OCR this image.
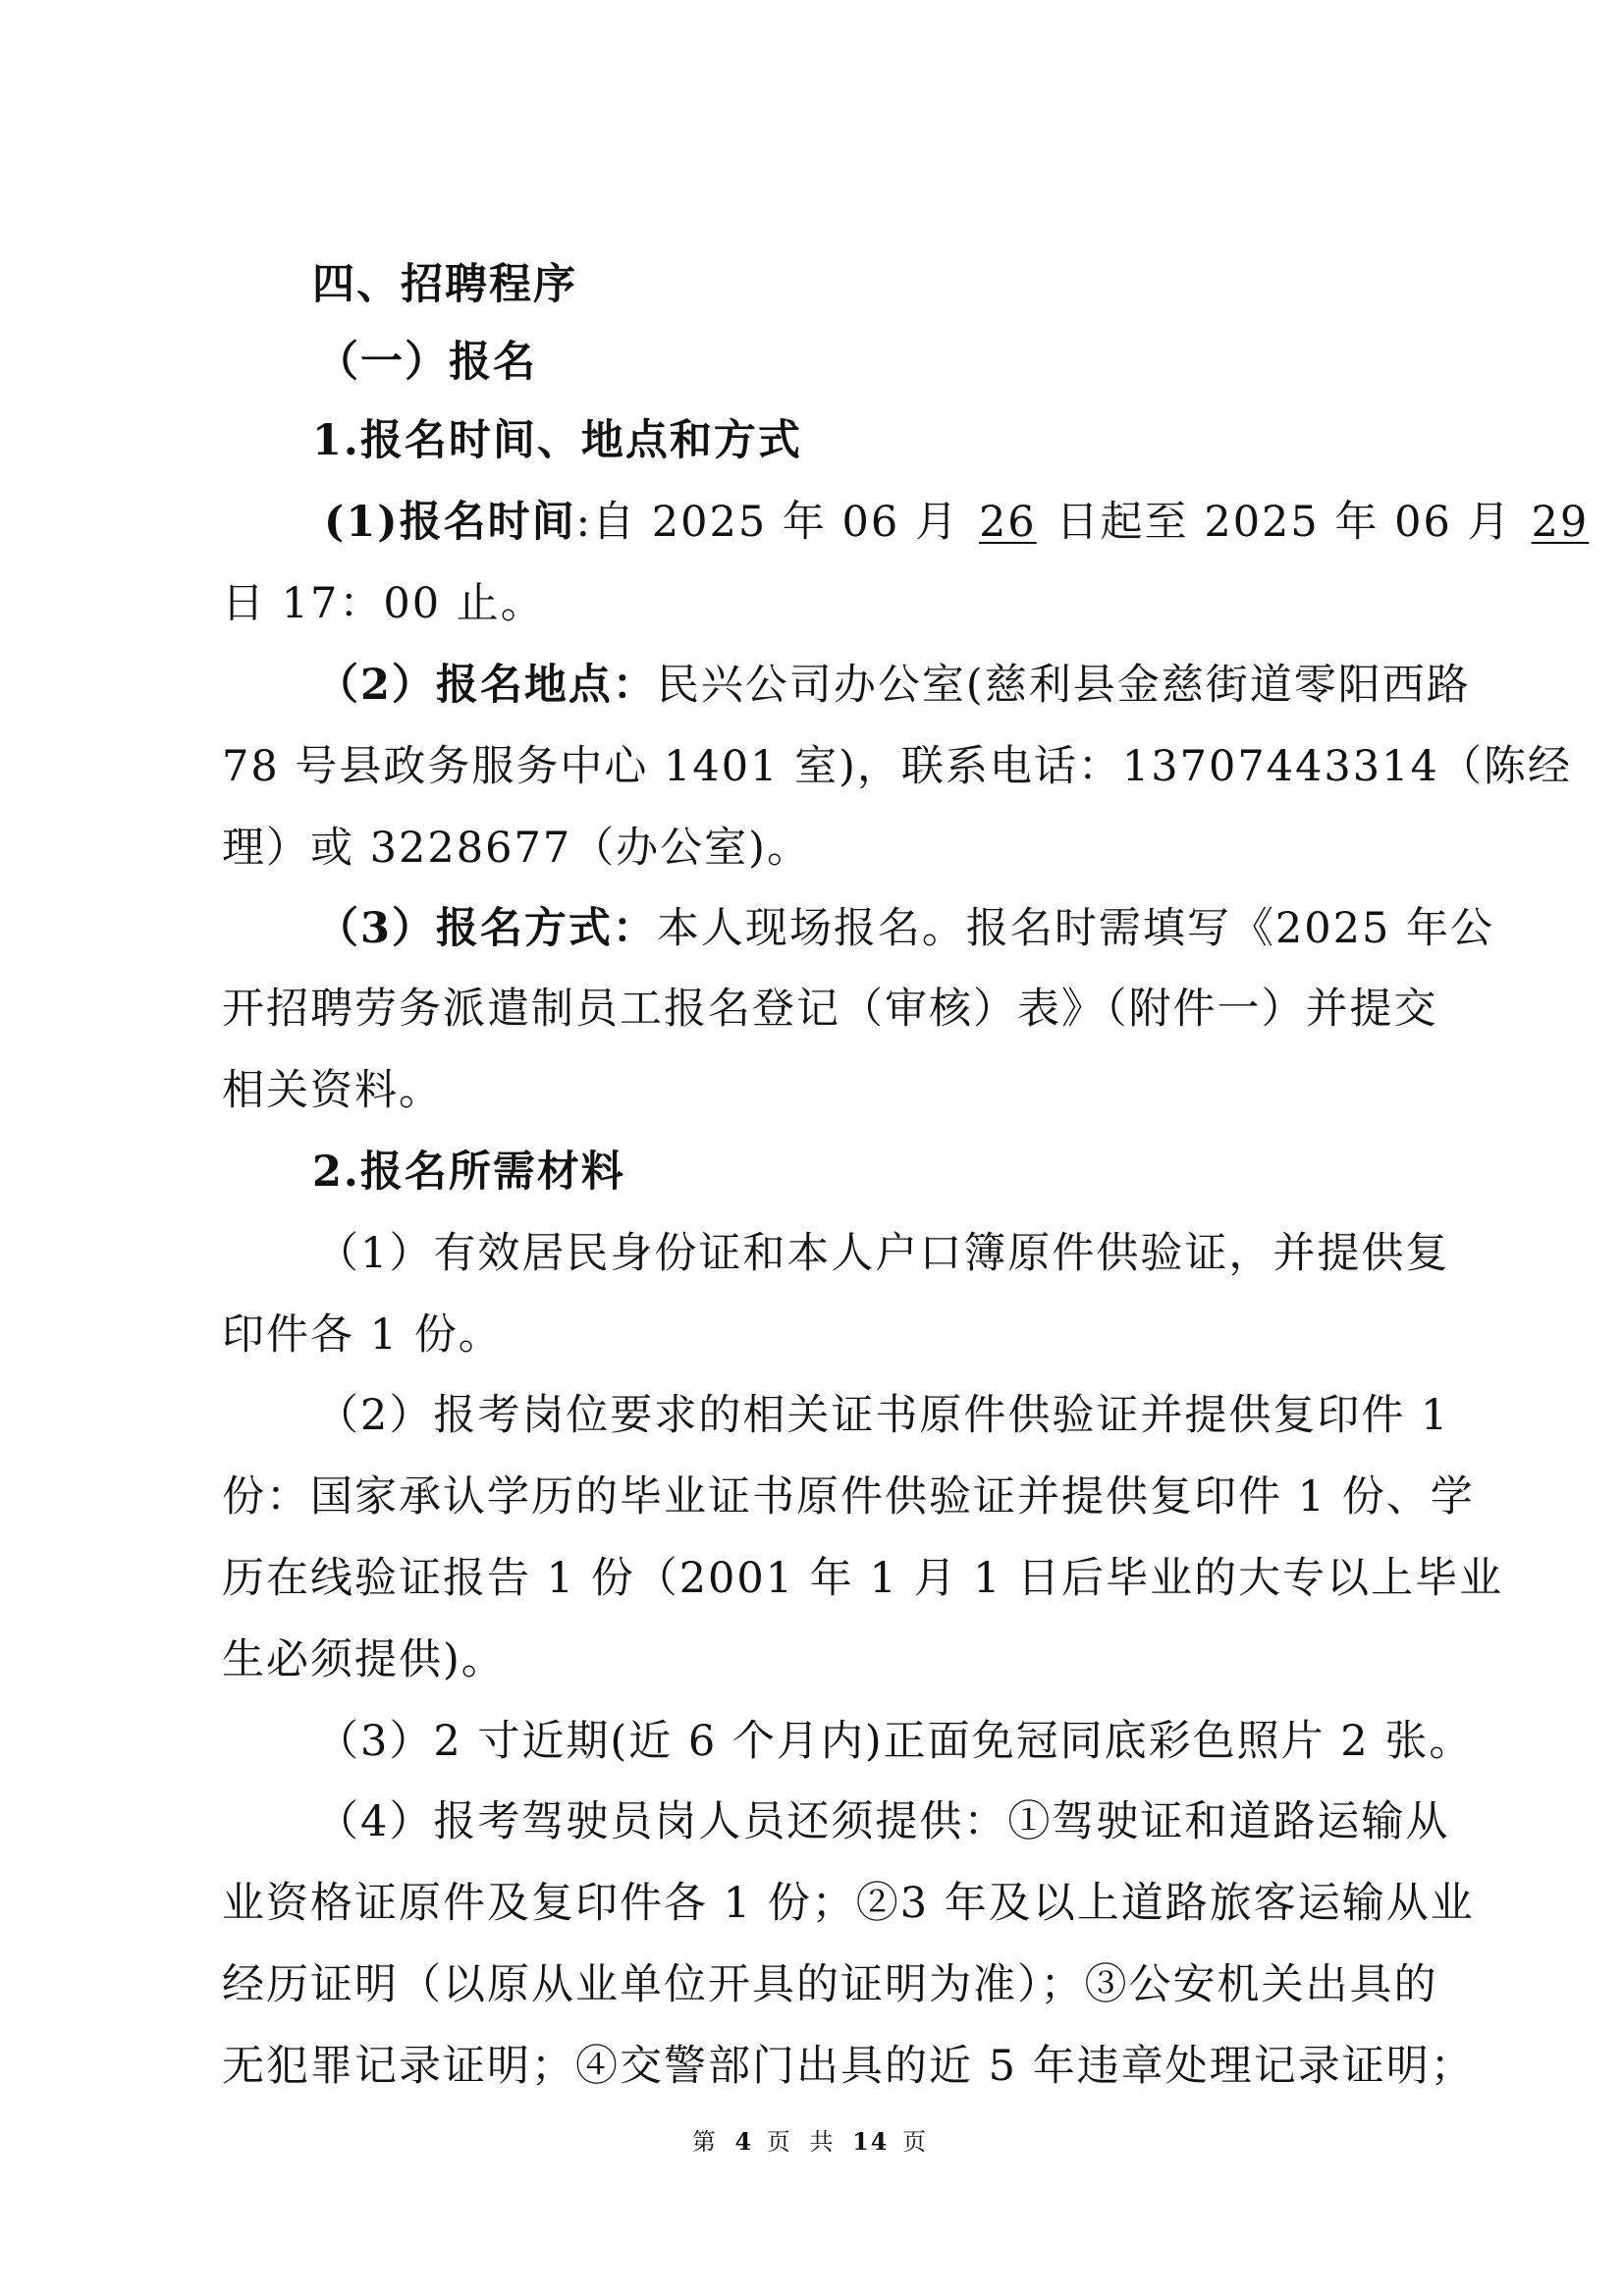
四、招聘程序
（一）报名
1.报名时间、地点和方式
(1)报名时间:自 2025 年 06 月 26 日起至 2025 年 06 月 29
日 17：00 止。
（2）报名地点：民兴公司办公室(慈利县金慈街道零阳西路
78 号县政务服务中心 1401 室)，联系电话：13707443314（陈经
理）或 3228677（办公室)。
（3）报名方式：本人现场报名。报名时需填写《2025 年公
开招聘劳务派遣制员工报名登记（审核）表》（附件一）并提交
相关资料。
2.报名所需材料
（1）有效居民身份证和本人户口簿原件供验证，并提供复
印件各 1 份。
（2）报考岗位要求的相关证书原件供验证并提供复印件 1
份：国家承认学历的毕业证书原件供验证并提供复印件 1 份、学
历在线验证报告 1 份（2001 年 1 月 1 日后毕业的大专以上毕业
生必须提供)。
（3）2 寸近期(近 6 个月内)正面免冠同底彩色照片 2 张。
（4）报考驾驶员岗人员还须提供：①驾驶证和道路运输从
业资格证原件及复印件各 1 份；②3 年及以上道路旅客运输从业
经历证明（以原从业单位开具的证明为准）；③公安机关出具的
无犯罪记录证明；④交警部门出具的近 5 年违章处理记录证明；
第 4 页 共 14 页
